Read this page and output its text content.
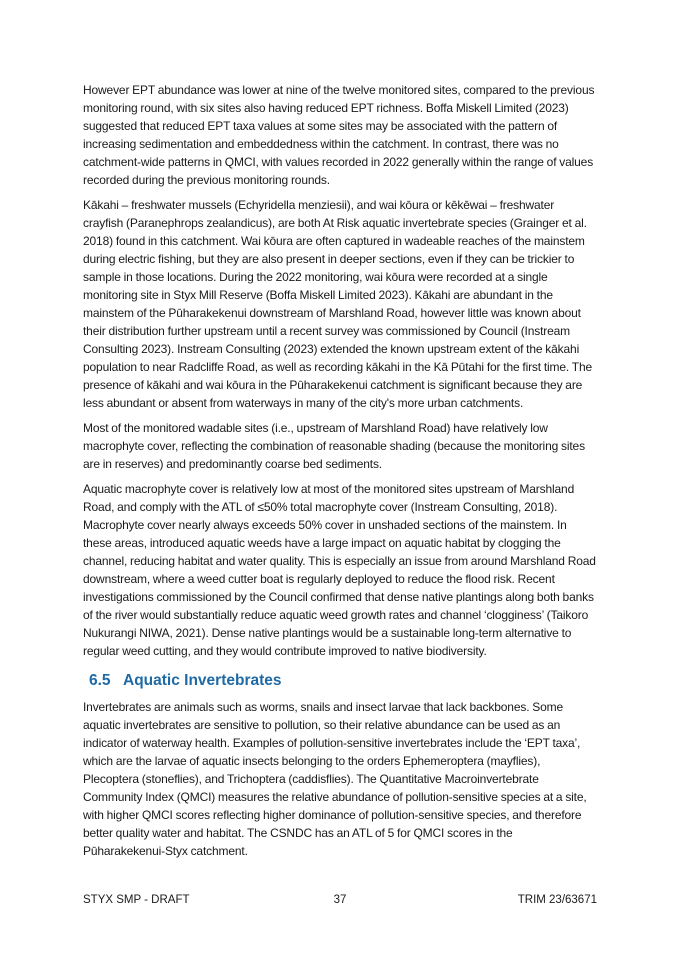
However EPT abundance was lower at nine of the twelve monitored sites, compared to the previous monitoring round, with six sites also having reduced EPT richness. Boffa Miskell Limited (2023) suggested that reduced EPT taxa values at some sites may be associated with the pattern of increasing sedimentation and embeddedness within the catchment. In contrast, there was no catchment-wide patterns in QMCI, with values recorded in 2022 generally within the range of values recorded during the previous monitoring rounds.

Kākahi – freshwater mussels (Echyridella menziesii), and wai kōura or kēkēwai – freshwater crayfish (Paranephrops zealandicus), are both At Risk aquatic invertebrate species (Grainger et al. 2018) found in this catchment. Wai kōura are often captured in wadeable reaches of the mainstem during electric fishing, but they are also present in deeper sections, even if they can be trickier to sample in those locations. During the 2022 monitoring, wai kōura were recorded at a single monitoring site in Styx Mill Reserve (Boffa Miskell Limited 2023). Kākahi are abundant in the mainstem of the Pūharakekenui downstream of Marshland Road, however little was known about their distribution further upstream until a recent survey was commissioned by Council (Instream Consulting 2023). Instream Consulting (2023) extended the known upstream extent of the kākahi population to near Radcliffe Road, as well as recording kākahi in the Kā Pūtahi for the first time. The presence of kākahi and wai kōura in the Pūharakekenui catchment is significant because they are less abundant or absent from waterways in many of the city's more urban catchments.

Most of the monitored wadable sites (i.e., upstream of Marshland Road) have relatively low macrophyte cover, reflecting the combination of reasonable shading (because the monitoring sites are in reserves) and predominantly coarse bed sediments.

Aquatic macrophyte cover is relatively low at most of the monitored sites upstream of Marshland Road, and comply with the ATL of ≤50% total macrophyte cover (Instream Consulting, 2018). Macrophyte cover nearly always exceeds 50% cover in unshaded sections of the mainstem. In these areas, introduced aquatic weeds have a large impact on aquatic habitat by clogging the channel, reducing habitat and water quality. This is especially an issue from around Marshland Road downstream, where a weed cutter boat is regularly deployed to reduce the flood risk. Recent investigations commissioned by the Council confirmed that dense native plantings along both banks of the river would substantially reduce aquatic weed growth rates and channel ‘clogginess’ (Taikoro Nukurangi NIWA, 2021). Dense native plantings would be a sustainable long-term alternative to regular weed cutting, and they would contribute improved to native biodiversity.

6.5 Aquatic Invertebrates

Invertebrates are animals such as worms, snails and insect larvae that lack backbones. Some aquatic invertebrates are sensitive to pollution, so their relative abundance can be used as an indicator of waterway health. Examples of pollution-sensitive invertebrates include the ‘EPT taxa’, which are the larvae of aquatic insects belonging to the orders Ephemeroptera (mayflies), Plecoptera (stoneflies), and Trichoptera (caddisflies). The Quantitative Macroinvertebrate Community Index (QMCI) measures the relative abundance of pollution-sensitive species at a site, with higher QMCI scores reflecting higher dominance of pollution-sensitive species, and therefore better quality water and habitat. The CSNDC has an ATL of 5 for QMCI scores in the Pūharakekenui-Styx catchment.

STYX SMP - DRAFT	37	TRIM 23/63671
